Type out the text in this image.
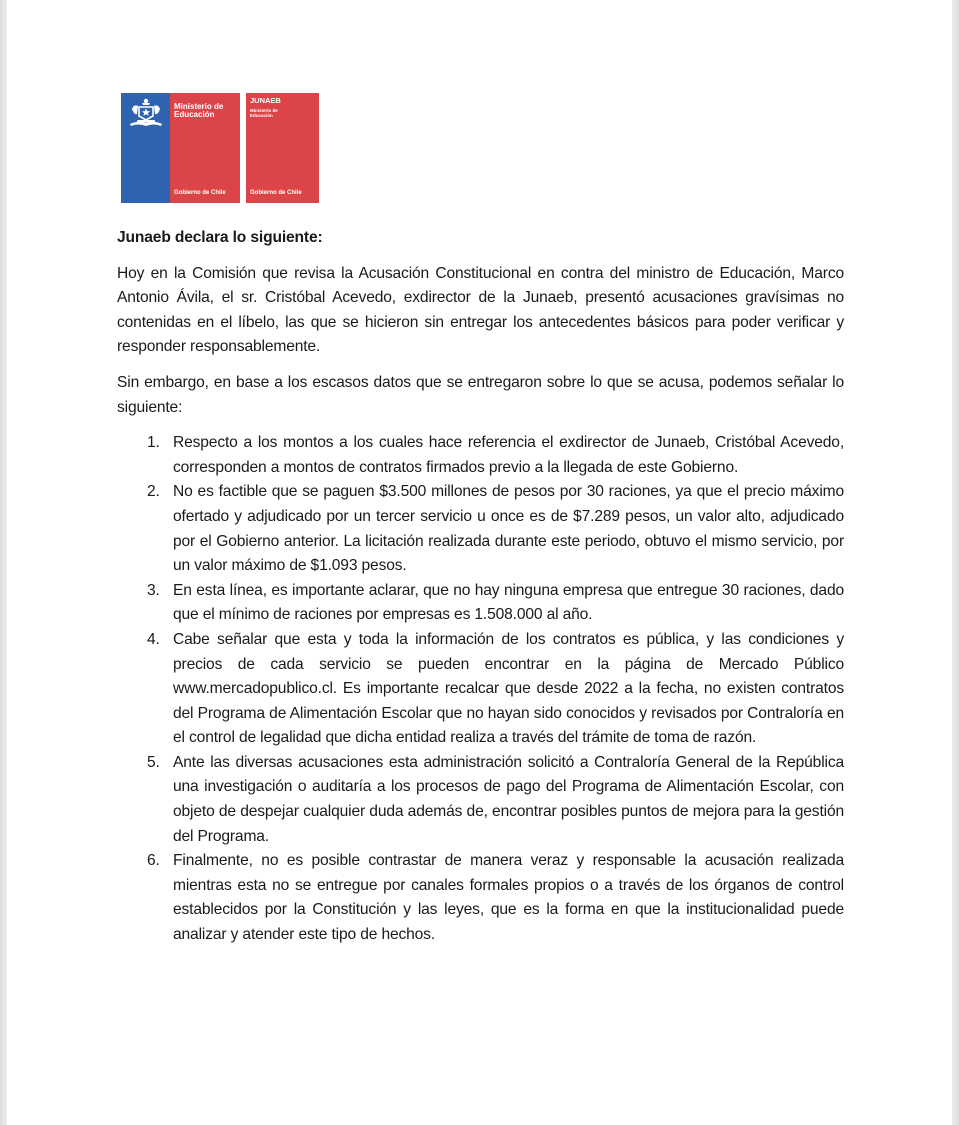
Ministerio de
Educación
Gobierno de Chile
JUNAEB
Ministerio de
Educación
Gobierno de Chile

Junaeb declara lo siguiente:

Hoy en la Comisión que revisa la Acusación Constitucional en contra del ministro de Educación, Marco Antonio Ávila, el sr. Cristóbal Acevedo, exdirector de la Junaeb, presentó acusaciones gravísimas no contenidas en el líbelo, las que se hicieron sin entregar los antecedentes básicos para poder verificar y responder responsablemente.

Sin embargo, en base a los escasos datos que se entregaron sobre lo que se acusa, podemos señalar lo siguiente:

1. Respecto a los montos a los cuales hace referencia el exdirector de Junaeb, Cristóbal Acevedo, corresponden a montos de contratos firmados previo a la llegada de este Gobierno.
2. No es factible que se paguen $3.500 millones de pesos por 30 raciones, ya que el precio máximo ofertado y adjudicado por un tercer servicio u once es de $7.289 pesos, un valor alto, adjudicado por el Gobierno anterior. La licitación realizada durante este periodo, obtuvo el mismo servicio, por un valor máximo de $1.093 pesos.
3. En esta línea, es importante aclarar, que no hay ninguna empresa que entregue 30 raciones, dado que el mínimo de raciones por empresas es 1.508.000 al año.
4. Cabe señalar que esta y toda la información de los contratos es pública, y las condiciones y precios de cada servicio se pueden encontrar en la página de Mercado Público www.mercadopublico.cl. Es importante recalcar que desde 2022 a la fecha, no existen contratos del Programa de Alimentación Escolar que no hayan sido conocidos y revisados por Contraloría en el control de legalidad que dicha entidad realiza a través del trámite de toma de razón.
5. Ante las diversas acusaciones esta administración solicitó a Contraloría General de la República una investigación o auditaría a los procesos de pago del Programa de Alimentación Escolar, con objeto de despejar cualquier duda además de, encontrar posibles puntos de mejora para la gestión del Programa.
6. Finalmente, no es posible contrastar de manera veraz y responsable la acusación realizada mientras esta no se entregue por canales formales propios o a través de los órganos de control establecidos por la Constitución y las leyes, que es la forma en que la institucionalidad puede analizar y atender este tipo de hechos.
